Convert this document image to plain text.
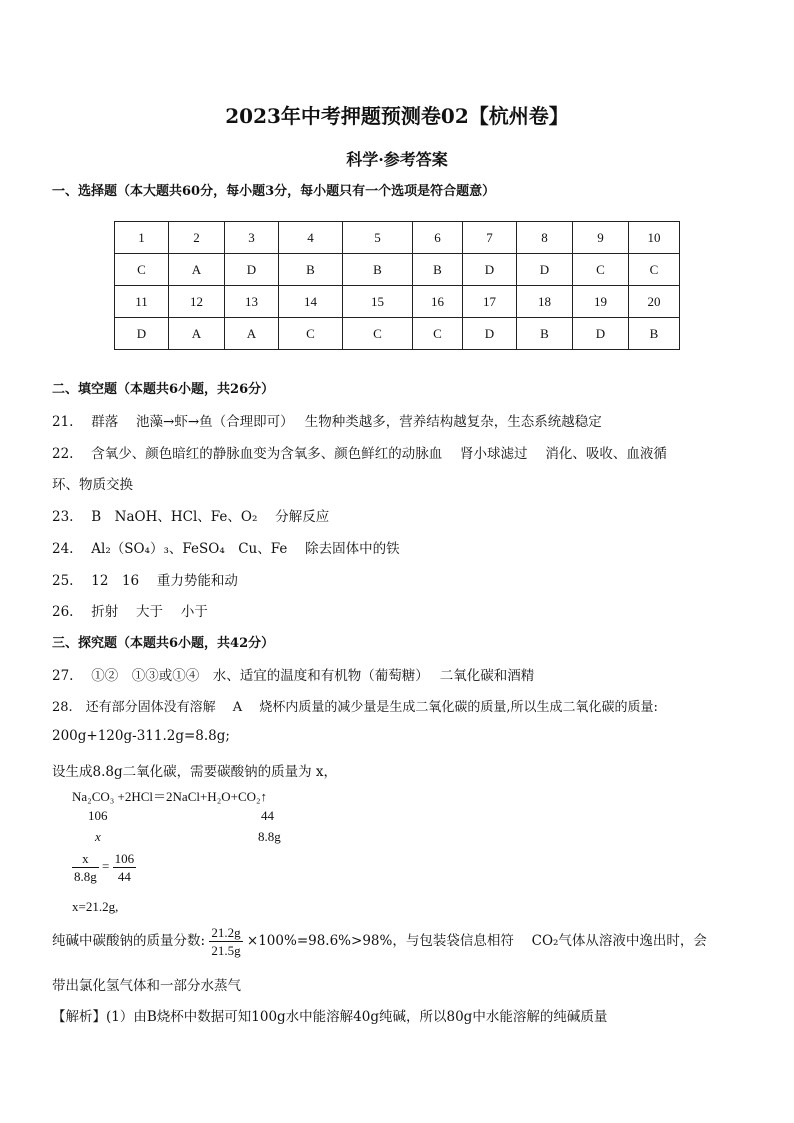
2023年中考押题预测卷02【杭州卷】
科学·参考答案
一、选择题（本大题共60分，每小题3分，每小题只有一个选项是符合题意）
1	2	3	4	5	6	7	8	9	10
C	A	D	B	B	B	D	D	C	C
11	12	13	14	15	16	17	18	19	20
D	A	A	C	C	C	D	B	D	B
二、填空题（本题共6小题，共26分）
21.　 群落　 池藻→虾→鱼（合理即可）　 生物种类越多，营养结构越复杂，生态系统越稳定
22.　 含氧少、颜色暗红的静脉血变为含氧多、颜色鲜红的动脉血　 肾小球滤过　 消化、吸收、血液循
环、物质交换
23.　 B　NaOH、HCl、Fe、O₂　 分解反应
24.　 Al₂（SO₄）₃、FeSO₄　Cu、Fe　 除去固体中的铁
25.　 12　16　 重力势能和动
26.　 折射　 大于　 小于
三、探究题（本题共6小题，共42分）
27.　 ①②　①③或①④　水、适宜的温度和有机物（葡萄糖）　 二氧化碳和酒精
28.　还有部分固体没有溶解　 A　 烧杯内质量的减少量是生成二氧化碳的质量,所以生成二氧化碳的质量:
200g+120g-311.2g=8.8g;
设生成8.8g二氧化碳，需要碳酸钠的质量为 x，
Na₂CO₃ +2HCl＝2NaCl+H₂O+CO₂↑
106	44
x	8.8g
$\frac{x}{8.8g} = \frac{106}{44}$
x=21.2g,
纯碱中碳酸钠的质量分数: $\frac{21.2g}{21.5g} \times 100\%=98.6\%>98\%$，与包装袋信息相符　 CO₂气体从溶液中逸出时，会
带出氯化氢气体和一部分水蒸气
【解析】(1）由B烧杯中数据可知100g水中能溶解40g纯碱，所以80g中水能溶解的纯碱质量
